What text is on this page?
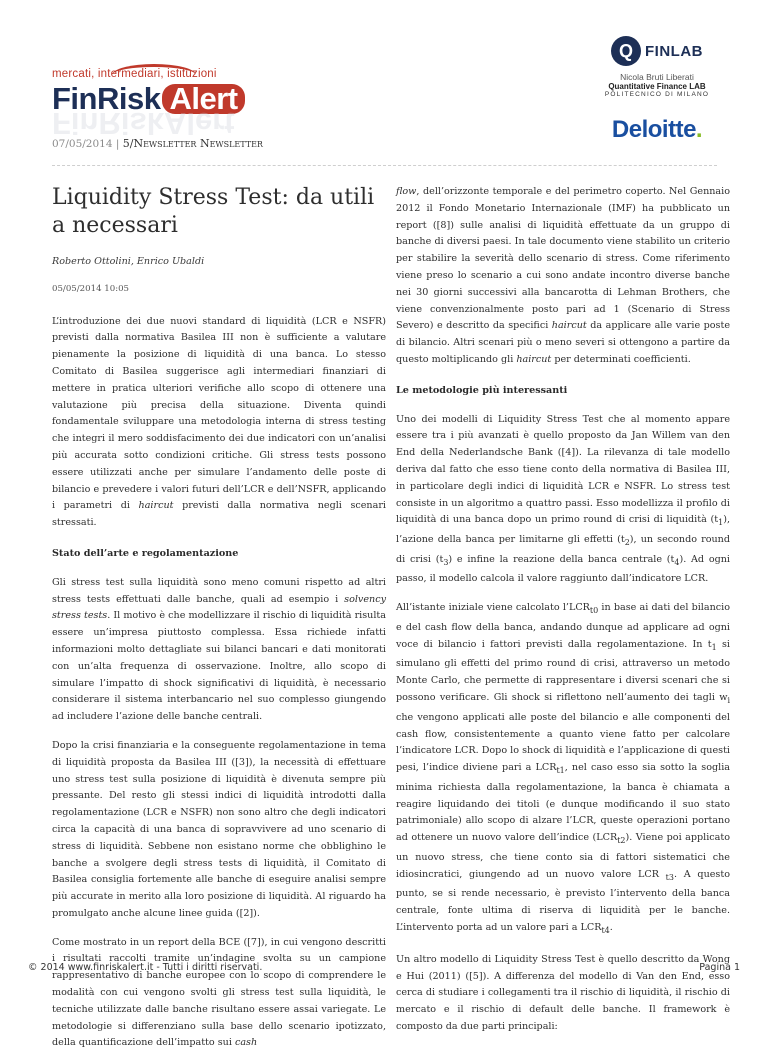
mercati, intermediari, istituzioni
FinRisk Alert
FinRiskAlert
07/05/2014 | 5/Newsletter Newsletter
Q FINLAB
Nicola Bruti Liberati
Quantitative Finance LAB
POLITECNICO DI MILANO
Deloitte.
Liquidity Stress Test: da utili a necessari
Roberto Ottolini, Enrico Ubaldi
05/05/2014 10:05

L’introduzione dei due nuovi standard di liquidità (LCR e NSFR) previsti dalla normativa Basilea III non è sufficiente a valutare pienamente la posizione di liquidità di una banca. Lo stesso Comitato di Basilea suggerisce agli intermediari finanziari di mettere in pratica ulteriori verifiche allo scopo di ottenere una valutazione più precisa della situazione. Diventa quindi fondamentale sviluppare una metodologia interna di stress testing che integri il mero soddisfacimento dei due indicatori con un’analisi più accurata sotto condizioni critiche. Gli stress tests possono essere utilizzati anche per simulare l’andamento delle poste di bilancio e prevedere i valori futuri dell’LCR e dell’NSFR, applicando i parametri di haircut previsti dalla normativa negli scenari stressati.

Stato dell’arte e regolamentazione

Gli stress test sulla liquidità sono meno comuni rispetto ad altri stress tests effettuati dalle banche, quali ad esempio i solvency stress tests. Il motivo è che modellizzare il rischio di liquidità risulta essere un’impresa piuttosto complessa. Essa richiede infatti informazioni molto dettagliate sui bilanci bancari e dati monitorati con un’alta frequenza di osservazione. Inoltre, allo scopo di simulare l’impatto di shock significativi di liquidità, è necessario considerare il sistema interbancario nel suo complesso giungendo ad includere l’azione delle banche centrali.

Dopo la crisi finanziaria e la conseguente regolamentazione in tema di liquidità proposta da Basilea III ([3]), la necessità di effettuare uno stress test sulla posizione di liquidità è divenuta sempre più pressante. Del resto gli stessi indici di liquidità introdotti dalla regolamentazione (LCR e NSFR) non sono altro che degli indicatori circa la capacità di una banca di sopravvivere ad uno scenario di stress di liquidità. Sebbene non esistano norme che obblighino le banche a svolgere degli stress tests di liquidità, il Comitato di Basilea consiglia fortemente alle banche di eseguire analisi sempre più accurate in merito alla loro posizione di liquidità. Al riguardo ha promulgato anche alcune linee guida ([2]).

Come mostrato in un report della BCE ([7]), in cui vengono descritti i risultati raccolti tramite un’indagine svolta su un campione rappresentativo di banche europee con lo scopo di comprendere le modalità con cui vengono svolti gli stress test sulla liquidità, le tecniche utilizzate dalle banche risultano essere assai variegate. Le metodologie si differenziano sulla base dello scenario ipotizzato, della quantificazione dell’impatto sui cash

flow, dell’orizzonte temporale e del perimetro coperto. Nel Gennaio 2012 il Fondo Monetario Internazionale (IMF) ha pubblicato un report ([8]) sulle analisi di liquidità effettuate da un gruppo di banche di diversi paesi. In tale documento viene stabilito un criterio per stabilire la severità dello scenario di stress. Come riferimento viene preso lo scenario a cui sono andate incontro diverse banche nei 30 giorni successivi alla bancarotta di Lehman Brothers, che viene convenzionalmente posto pari ad 1 (Scenario di Stress Severo) e descritto da specifici haircut da applicare alle varie poste di bilancio. Altri scenari più o meno severi si ottengono a partire da questo moltiplicando gli haircut per determinati coefficienti.

Le metodologie più interessanti

Uno dei modelli di Liquidity Stress Test che al momento appare essere tra i più avanzati è quello proposto da Jan Willem van den End della Nederlandsche Bank ([4]). La rilevanza di tale modello deriva dal fatto che esso tiene conto della normativa di Basilea III, in particolare degli indici di liquidità LCR e NSFR. Lo stress test consiste in un algoritmo a quattro passi. Esso modellizza il profilo di liquidità di una banca dopo un primo round di crisi di liquidità $(t_1)$, l’azione della banca per limitarne gli effetti $(t_2)$, un secondo round di crisi $(t_3)$ e infine la reazione della banca centrale $(t_4)$. Ad ogni passo, il modello calcola il valore raggiunto dall’indicatore LCR.

All’istante iniziale viene calcolato $l’LCR_{t0}$ in base ai dati del bilancio e del cash flow della banca, andando dunque ad applicare ad ogni voce di bilancio i fattori previsti dalla regolamentazione. In $t_1$ si simulano gli effetti del primo round di crisi, attraverso un metodo Monte Carlo, che permette di rappresentare i diversi scenari che si possono verificare. Gli shock si riflettono nell’aumento dei tagli $w_i$ che vengono applicati alle poste del bilancio e alle componenti del cash flow, consistentemente a quanto viene fatto per calcolare l’indicatore LCR. Dopo lo shock di liquidità e l’applicazione di questi pesi, l’indice diviene pari a $LCR_{t1}$, nel caso esso sia sotto la soglia minima richiesta dalla regolamentazione, la banca è chiamata a reagire liquidando dei titoli (e dunque modificando il suo stato patrimoniale) allo scopo di alzare l’LCR, queste operazioni portano ad ottenere un nuovo valore dell’indice $(LCR_{t2})$. Viene poi applicato un nuovo stress, che tiene conto sia di fattori sistematici che idiosincratici, giungendo ad un nuovo valore LCR $_{t3}$. A questo punto, se si rende necessario, è previsto l’intervento della banca centrale, fonte ultima di riserva di liquidità per le banche. L’intervento porta ad un valore pari a $LCR_{t4}$.

Un altro modello di Liquidity Stress Test è quello descritto da Wong e Hui (2011) ([5]). A differenza del modello di Van den End, esso cerca di studiare i collegamenti tra il rischio di liquidità, il rischio di mercato e il rischio di default delle banche. Il framework è composto da due parti principali:

© 2014 www.finriskalert.it - Tutti i diritti riservati.	Pagina 1
